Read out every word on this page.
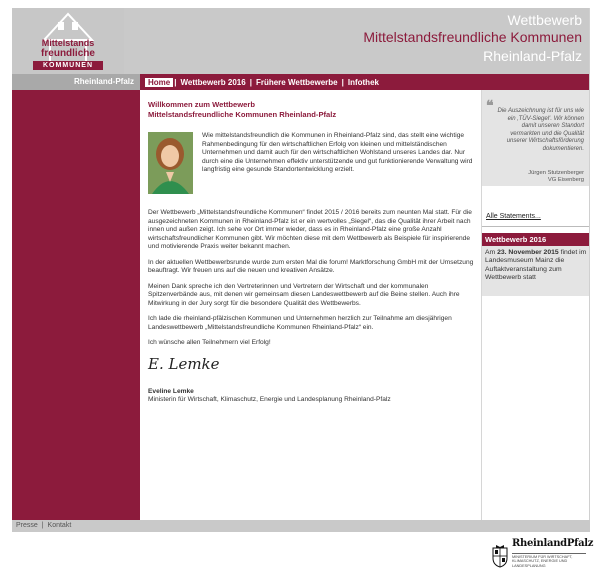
Mittelstands
freundliche
KOMMUNEN
Wettbewerb
Mittelstandsfreundliche Kommunen
Rheinland-Pfalz
Rheinland-Pfalz	Home | Wettbewerb 2016 | Frühere Wettbewerbe | Infothek
Willkommen zum Wettbewerb
Mittelstandsfreundliche Kommunen Rheinland-Pfalz
Wie mittelstandsfreundlich die Kommunen in Rheinland-Pfalz sind, das stellt eine wichtige Rahmenbedingung für den wirtschaftlichen Erfolg von kleinen und mittelständischen Unternehmen und damit auch für den wirtschaftlichen Wohlstand unseres Landes dar. Nur durch eine die Unternehmen effektiv unterstützende und gut funktionierende Verwaltung wird langfristig eine gesunde Standortentwicklung erzielt.
Der Wettbewerb „Mittelstandsfreundliche Kommunen“ findet 2015 / 2016 bereits zum neunten Mal statt. Für die ausgezeichneten Kommunen in Rheinland-Pfalz ist er ein wertvolles „Siegel“, das die Qualität ihrer Arbeit nach innen und außen zeigt. Ich sehe vor Ort immer wieder, dass es in Rheinland-Pfalz eine große Anzahl wirtschaftsfreundlicher Kommunen gibt. Wir möchten diese mit dem Wettbewerb als Beispiele für inspirierende und motivierende Praxis weiter bekannt machen.
In der aktuellen Wettbewerbsrunde wurde zum ersten Mal die forum! Marktforschung GmbH mit der Umsetzung beauftragt. Wir freuen uns auf die neuen und kreativen Ansätze.
Meinen Dank spreche ich den Vertreterinnen und Vertretern der Wirtschaft und der kommunalen Spitzenverbände aus, mit denen wir gemeinsam diesen Landeswettbewerb auf die Beine stellen. Auch ihre Mitwirkung in der Jury sorgt für die besondere Qualität des Wettbewerbs.
Ich lade die rheinland-pfälzischen Kommunen und Unternehmen herzlich zur Teilnahme am diesjährigen Landeswettbewerb „Mittelstandsfreundliche Kommunen Rheinland-Pfalz“ ein.
Ich wünsche allen Teilnehmern viel Erfolg!
E. Lemke
Eveline Lemke
Ministerin für Wirtschaft, Klimaschutz, Energie und Landesplanung Rheinland-Pfalz
❝ Die Auszeichnung ist für uns wie ein ‚TÜV-Siegel‘. Wir können damit unseren Standort vermarkten und die Qualität unserer Wirtschaftsförderung dokumentieren.
Jürgen Stutzenberger
VG Eisenberg
Alle Statements...
Wettbewerb 2016
Am 23. November 2015 findet im Landesmuseum Mainz die Auftaktveranstaltung zum Wettbewerb statt
Presse | Kontakt
RheinlandPfalz
MINISTERIUM FÜR WIRTSCHAFT, KLIMASCHUTZ, ENERGIE UND LANDESPLANUNG
